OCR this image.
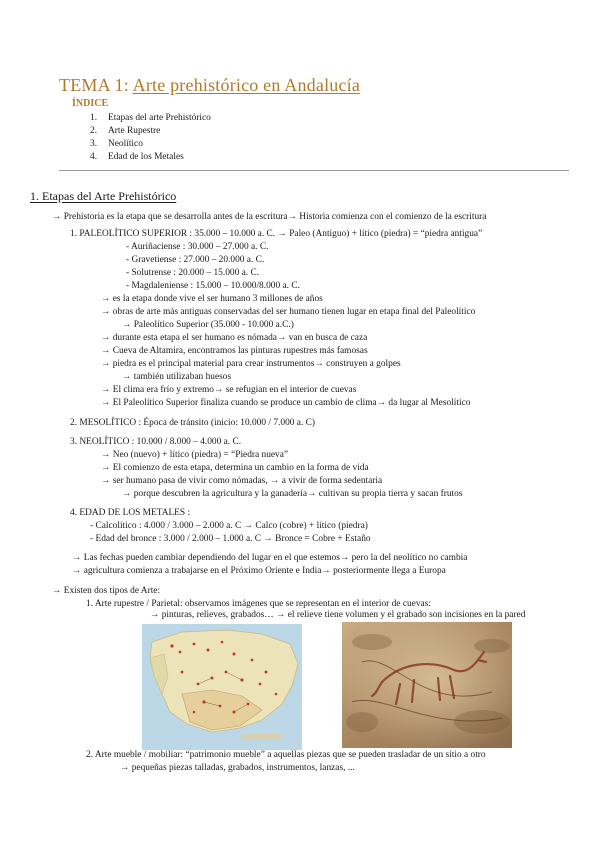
TEMA 1: Arte prehistórico en Andalucía
ÍNDICE
1. Etapas del arte Prehistórico
2. Arte Rupestre
3. Neolítico
4. Edad de los Metales
1. Etapas del Arte Prehistórico
→ Prehistoria es la etapa que se desarrolla antes de la escritura→ Historia comienza con el comienzo de la escritura
1. PALEOLÍTICO SUPERIOR : 35.000 – 10.000 a. C. → Paleo (Antiguo) + lítico (piedra) = “piedra antigua”
- Auriñaciense : 30.000 – 27.000 a. C.
- Gravetiense : 27.000 – 20.000 a. C.
- Solutrense : 20.000 – 15.000 a. C.
- Magdaleniense : 15.000 – 10.000/8.000 a. C.
→ es la etapa donde vive el ser humano 3 millones de años
→ obras de arte más antiguas conservadas del ser humano tienen lugar en etapa final del Paleolítico
→ Paleolítico Superior (35.000 - 10.000 a.C.)
→ durante esta etapa el ser humano es nómada→ van en busca de caza
→ Cueva de Altamira, encontramos las pinturas rupestres más famosas
→ piedra es el principal material para crear instrumentos→ construyen a golpes
→ también utilizaban huesos
→ El clima era frío y extremo→ se refugian en el interior de cuevas
→ El Paleolítico Superior finaliza cuando se produce un cambio de clima→ da lugar al Mesolítico
2. MESOLÍTICO : Época de tránsito (inicio: 10.000 / 7.000 a. C)
3. NEOLÍTICO : 10.000 / 8.000 – 4.000 a. C.
→ Neo (nuevo) + lítico (piedra) = “Piedra nueva”
→ El comienzo de esta etapa, determina un cambio en la forma de vida
→ ser humano pasa de vivir como nómadas, → a vivir de forma sedentaria
→ porque descubren la agricultura y la ganadería→ cultivan su propia tierra y sacan frutos
4. EDAD DE LOS METALES :
- Calcolítico : 4.000 / 3.000 – 2.000 a. C → Calco (cobre) + lítico (piedra)
- Edad del bronce : 3.000 / 2.000 – 1.000 a. C → Bronce = Cobre + Estaño
→ Las fechas pueden cambiar dependiendo del lugar en el que estemos→ pero la del neolítico no cambia
→ agricultura comienza a trabajarse en el Próximo Oriente e India→ posteriormente llega a Europa
→ Existen dos tipos de Arte:
1. Arte rupestre / Parietal: observamos imágenes que se representan en el interior de cuevas:
→ pinturas, relieves, grabados… → el relieve tiene volumen y el grabado son incisiones en la pared
2. Arte mueble / mobiliar: “patrimonio mueble” a aquellas piezas que se pueden trasladar de un sitio a otro
→ pequeñas piezas talladas, grabados, instrumentos, lanzas, ...
